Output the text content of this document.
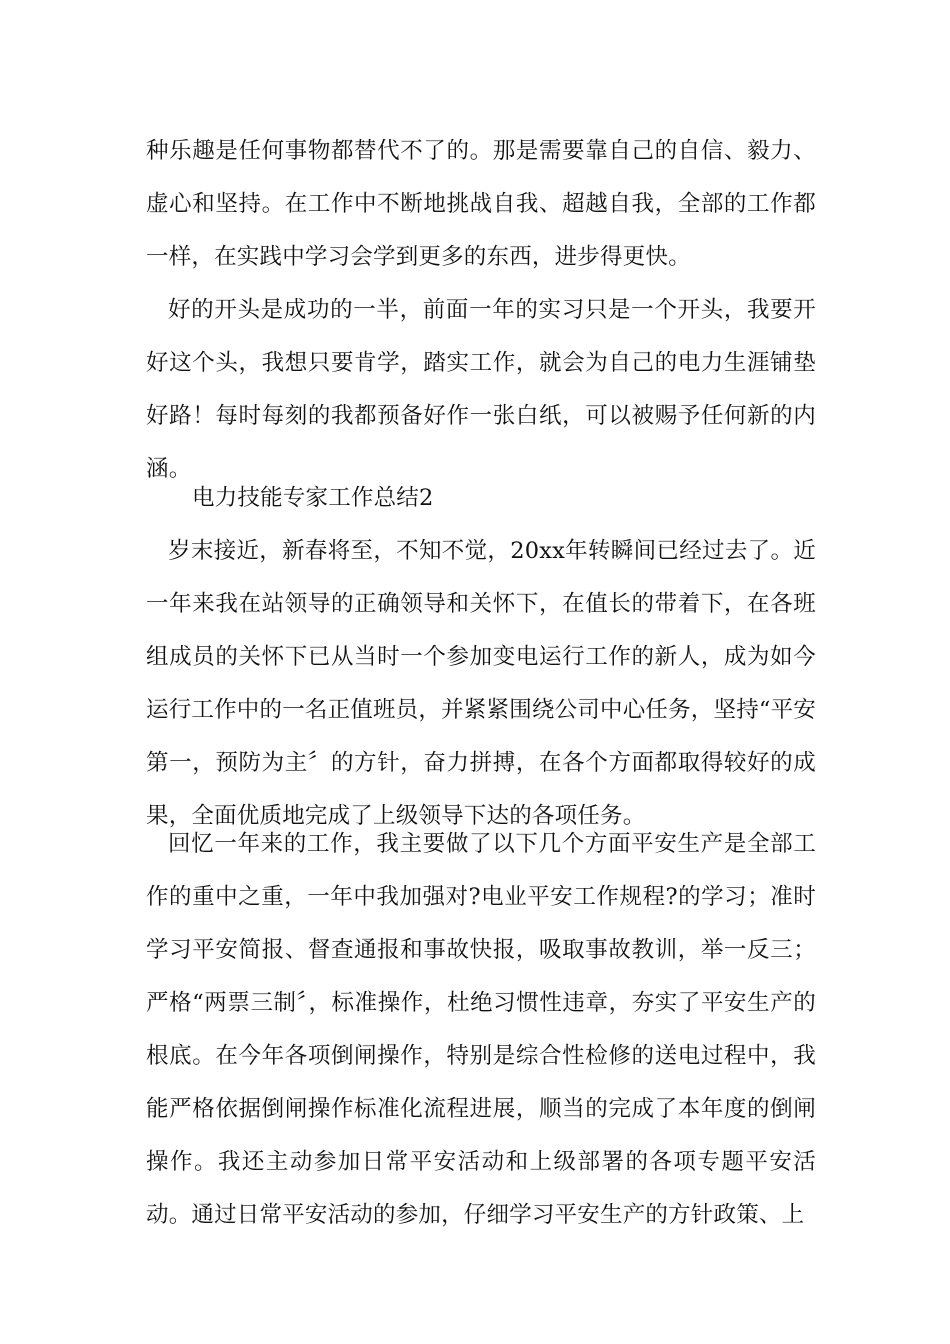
种乐趣是任何事物都替代不了的。那是需要靠自己的自信、毅力、虚心和坚持。在工作中不断地挑战自我、超越自我，全部的工作都一样，在实践中学习会学到更多的东西，进步得更快。

好的开头是成功的一半，前面一年的实习只是一个开头，我要开好这个头，我想只要肯学，踏实工作，就会为自己的电力生涯铺垫好路！每时每刻的我都预备好作一张白纸，可以被赐予任何新的内涵。

电力技能专家工作总结2

岁末接近，新春将至，不知不觉，20xx年转瞬间已经过去了。近一年来我在站领导的正确领导和关怀下，在值长的带着下，在各班组成员的关怀下已从当时一个参加变电运行工作的新人，成为如今运行工作中的一名正值班员，并紧紧围绕公司中心任务，坚持“平安第一，预防为主〞的方针，奋力拼搏，在各个方面都取得较好的成果，全面优质地完成了上级领导下达的各项任务。

回忆一年来的工作，我主要做了以下几个方面平安生产是全部工作的重中之重，一年中我加强对?电业平安工作规程?的学习；准时学习平安简报、督查通报和事故快报，吸取事故教训，举一反三；严格“两票三制〞，标准操作，杜绝习惯性违章，夯实了平安生产的根底。在今年各项倒闸操作，特别是综合性检修的送电过程中，我能严格依据倒闸操作标准化流程进展，顺当的完成了本年度的倒闸操作。我还主动参加日常平安活动和上级部署的各项专题平安活动。通过日常平安活动的参加，仔细学习平安生产的方针政策、上
